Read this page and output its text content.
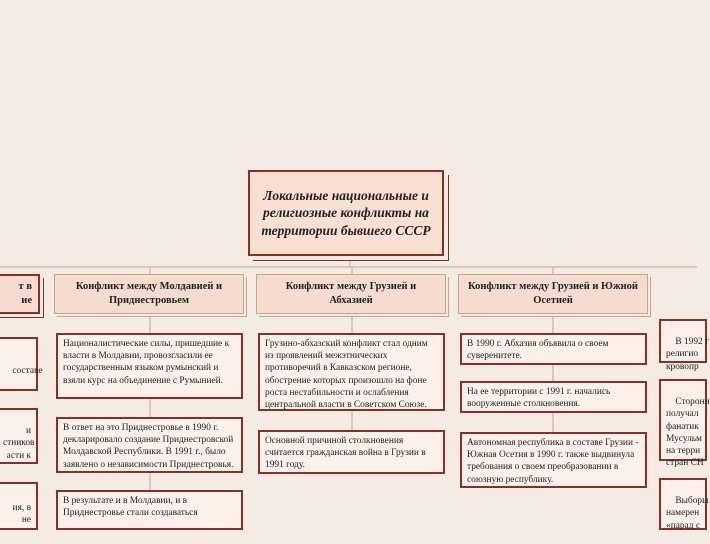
Локальные национальные и религиозные конфликты на территории бывшего СССР
т в
ие
Конфликт между Молдавией и Приднестровьем
Конфликт между Грузией и Абхазией
Конфликт между Грузией и Южной Осетией

составе

и
стников
асти к

ия, в
не

Националистические силы, пришедшие к власти в Молдавии, провозгласили ее государственным языком румынский и взяли курс на объединение с Румынией.
В ответ на это Приднестровье в 1990 г. декларировало создание Приднестровской Молдавской Республики. В 1991 г., было заявлено о независимости Приднестровья.
В результате и в Молдавии, и в Приднестровье стали создаваться
Грузино-абхазский конфликт стал одним из проявлений межэтнических противоречий в Кавказском регионе, обострение которых произошло на фоне роста нестабильности и ослабления центральной власти в Советском Союзе.
Основной причиной столкновения считается гражданская война в Грузии в 1991 году.
В 1990 г. Абхазия объявила о своем суверенитете.
На ее территории с 1991 г. начались вооруженные столкновения.
Автономная республика в составе Грузии - Южная Осетия в 1990 г. также выдвинула требования о своем преобразовании в союзную республику.

В 1992 г
религио
кровопр

Сторони
получал
фанатик
Мусульм
на терри
стран СН

Выборы
намерен
«парад с
